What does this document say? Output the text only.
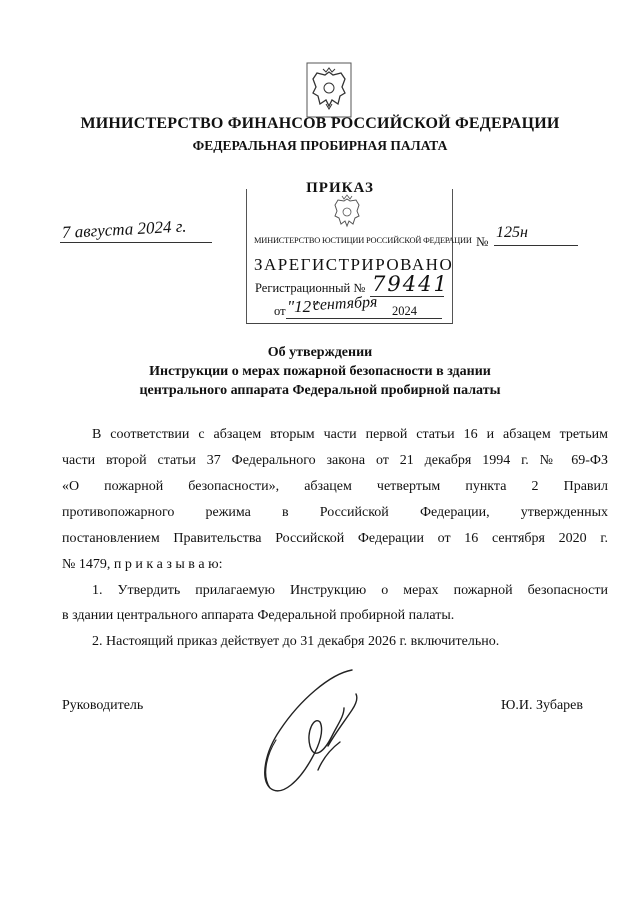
МИНИСТЕРСТВО ФИНАНСОВ РОССИЙСКОЙ ФЕДЕРАЦИИ
ФЕДЕРАЛЬНАЯ ПРОБИРНАЯ ПАЛАТА
ПРИКАЗ
7 августа 2024 г.	№
125н
МИНИСТЕРСТВО ЮСТИЦИИ РОССИЙСКОЙ ФЕДЕРАЦИИ
ЗАРЕГИСТРИРОВАНО
Регистрационный № 79441
от "12"
сентября 2024
Об утверждении
Инструкции о мерах пожарной безопасности в здании
центрального аппарата Федеральной пробирной палаты
В соответствии с абзацем вторым части первой статьи 16 и абзацем третьим
части второй статьи 37 Федерального закона от 21 декабря 1994 г. № 69-ФЗ
«О пожарной безопасности», абзацем четвертым пункта 2 Правил
противопожарного режима в Российской Федерации, утвержденных
постановлением Правительства Российской Федерации от 16 сентября 2020 г.
№ 1479, п р и к а з ы в а ю:
1. Утвердить прилагаемую Инструкцию о мерах пожарной безопасности
в здании центрального аппарата Федеральной пробирной палаты.
2. Настоящий приказ действует до 31 декабря 2026 г. включительно.
Руководитель	Ю.И. Зубарев
